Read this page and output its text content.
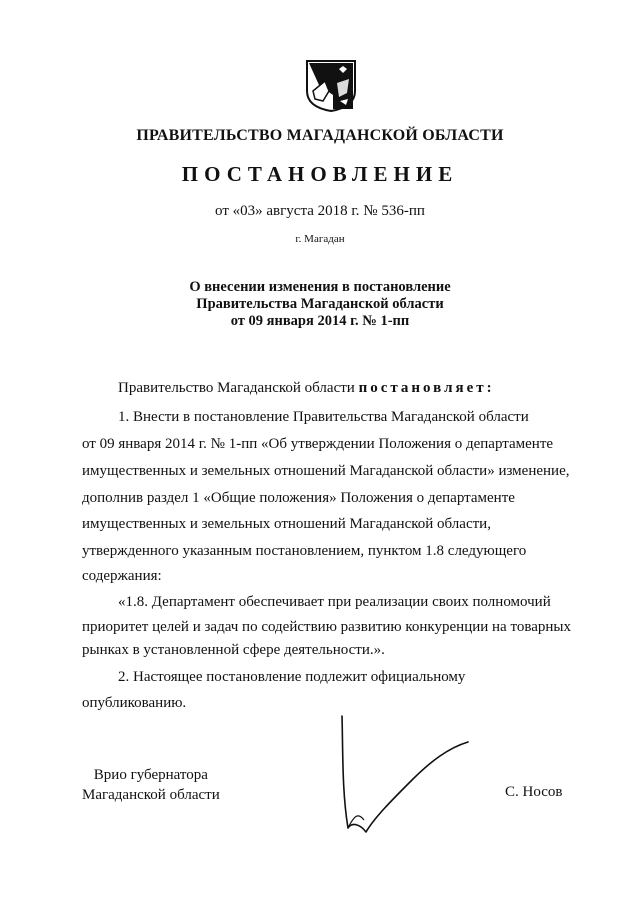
ПРАВИТЕЛЬСТВО МАГАДАНСКОЙ ОБЛАСТИ
ПОСТАНОВЛЕНИЕ
от «03» августа 2018 г. № 536-пп
г. Магадан
О внесении изменения в постановление
Правительства Магаданской области
от 09 января 2014 г. № 1-пп
Правительство Магаданской области постановляет:
1. Внести в постановление Правительства Магаданской области
от 09 января 2014 г. № 1-пп «Об утверждении Положения о департаменте
имущественных и земельных отношений Магаданской области» изменение,
дополнив раздел 1 «Общие положения» Положения о департаменте
имущественных и земельных отношений Магаданской области,
утвержденного указанным постановлением, пунктом 1.8 следующего
содержания:
«1.8. Департамент обеспечивает при реализации своих полномочий
приоритет целей и задач по содействию развитию конкуренции на товарных
рынках в установленной сфере деятельности.».
2. Настоящее постановление подлежит официальному
опубликованию.
Врио губернатора
Магаданской области	С. Носов
